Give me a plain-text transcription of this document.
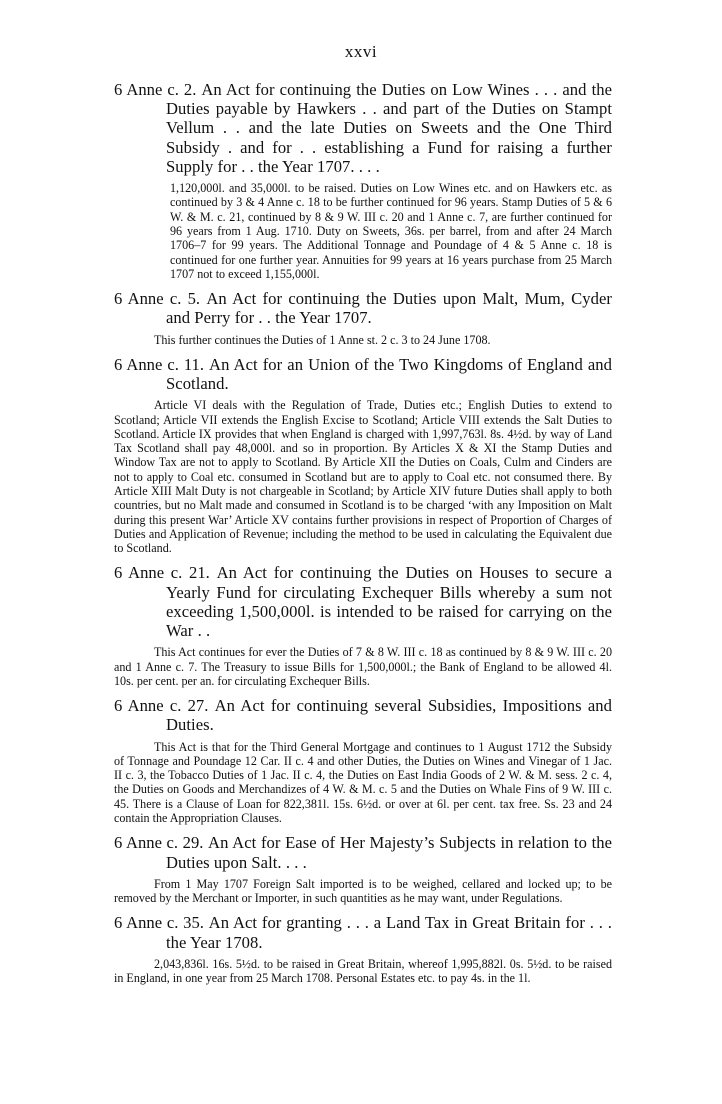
xxvi
6 Anne c. 2. An Act for continuing the Duties on Low Wines . . . and the Duties payable by Hawkers . . and part of the Duties on Stampt Vellum . . and the late Duties on Sweets and the One Third Subsidy . and for . . establishing a Fund for raising a further Supply for . . the Year 1707. . . .
1,120,000l. and 35,000l. to be raised. Duties on Low Wines etc. and on Hawkers etc. as continued by 3 & 4 Anne c. 18 to be further continued for 96 years. Stamp Duties of 5 & 6 W. & M. c. 21, continued by 8 & 9 W. III c. 20 and 1 Anne c. 7, are further continued for 96 years from 1 Aug. 1710. Duty on Sweets, 36s. per barrel, from and after 24 March 1706–7 for 99 years. The Additional Tonnage and Poundage of 4 & 5 Anne c. 18 is continued for one further year. Annuities for 99 years at 16 years purchase from 25 March 1707 not to exceed 1,155,000l.
6 Anne c. 5. An Act for continuing the Duties upon Malt, Mum, Cyder and Perry for . . the Year 1707.
This further continues the Duties of 1 Anne st. 2 c. 3 to 24 June 1708.
6 Anne c. 11. An Act for an Union of the Two Kingdoms of England and Scotland.
Article VI deals with the Regulation of Trade, Duties etc.; English Duties to extend to Scotland; Article VII extends the English Excise to Scotland; Article VIII extends the Salt Duties to Scotland. Article IX provides that when England is charged with 1,997,763l. 8s. 4½d. by way of Land Tax Scotland shall pay 48,000l. and so in proportion. By Articles X & XI the Stamp Duties and Window Tax are not to apply to Scotland. By Article XII the Duties on Coals, Culm and Cinders are not to apply to Coal etc. consumed in Scotland but are to apply to Coal etc. not consumed there. By Article XIII Malt Duty is not chargeable in Scotland; by Article XIV future Duties shall apply to both countries, but no Malt made and consumed in Scotland is to be charged ‘with any Imposition on Malt during this present War’ Article XV contains further provisions in respect of Proportion of Charges of Duties and Application of Revenue; including the method to be used in calculating the Equivalent due to Scotland.
6 Anne c. 21. An Act for continuing the Duties on Houses to secure a Yearly Fund for circulating Exchequer Bills whereby a sum not exceeding 1,500,000l. is intended to be raised for carrying on the War . .
This Act continues for ever the Duties of 7 & 8 W. III c. 18 as continued by 8 & 9 W. III c. 20 and 1 Anne c. 7. The Treasury to issue Bills for 1,500,000l.; the Bank of England to be allowed 4l. 10s. per cent. per an. for circulating Exchequer Bills.
6 Anne c. 27. An Act for continuing several Subsidies, Impositions and Duties.
This Act is that for the Third General Mortgage and continues to 1 August 1712 the Subsidy of Tonnage and Poundage 12 Car. II c. 4 and other Duties, the Duties on Wines and Vinegar of 1 Jac. II c. 3, the Tobacco Duties of 1 Jac. II c. 4, the Duties on East India Goods of 2 W. & M. sess. 2 c. 4, the Duties on Goods and Merchandizes of 4 W. & M. c. 5 and the Duties on Whale Fins of 9 W. III c. 45. There is a Clause of Loan for 822,381l. 15s. 6½d. or over at 6l. per cent. tax free. Ss. 23 and 24 contain the Appropriation Clauses.
6 Anne c. 29. An Act for Ease of Her Majesty’s Subjects in relation to the Duties upon Salt. . . .
From 1 May 1707 Foreign Salt imported is to be weighed, cellared and locked up; to be removed by the Merchant or Importer, in such quantities as he may want, under Regulations.
6 Anne c. 35. An Act for granting . . . a Land Tax in Great Britain for . . . the Year 1708.
2,043,836l. 16s. 5½d. to be raised in Great Britain, whereof 1,995,882l. 0s. 5½d. to be raised in England, in one year from 25 March 1708. Personal Estates etc. to pay 4s. in the 1l.
